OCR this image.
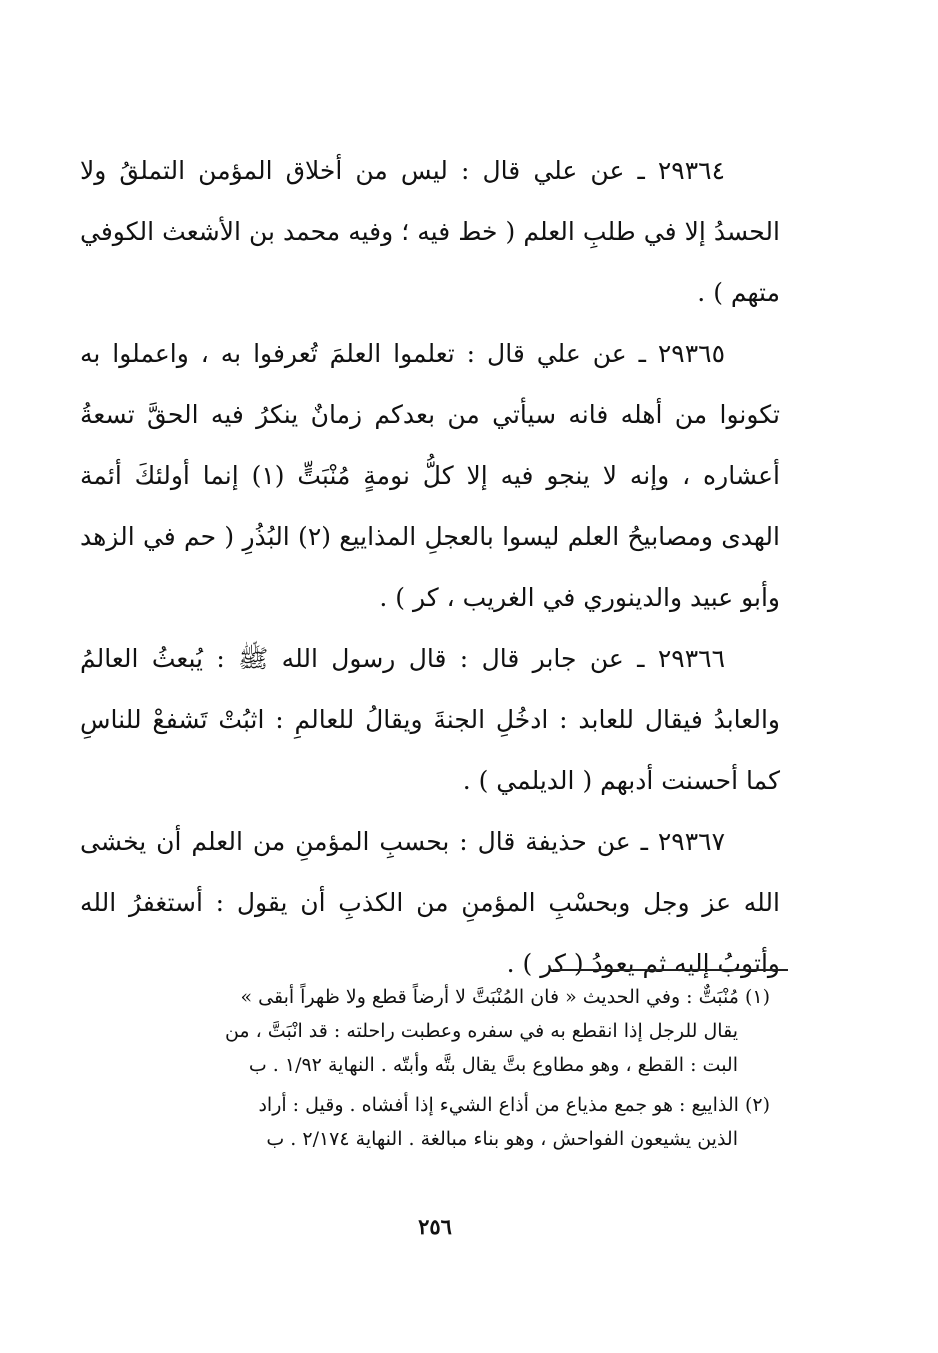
٢٩٣٦٤ ـ عن علي قال : ليس من أخلاق المؤمن التملقُ ولا الحسدُ إلا في طلبِ العلم ( خط فيه ؛ وفيه محمد بن الأشعث الكوفي متهم ) .

٢٩٣٦٥ ـ عن علي قال : تعلموا العلمَ تُعرفوا به ، واعملوا به تكونوا من أهله فانه سيأتي من بعدكم زمانٌ ينكرُ فيه الحقَّ تسعةُ أعشاره ، وإنه لا ينجو فيه إلا كلُّ نومةٍ مُنْبَتٍّ (١) إنما أولئكَ أئمة الهدى ومصابيحُ العلم ليسوا بالعجلِ المذاييع (٢) البُذُرِ ( حم في الزهد وأبو عبيد والدينوري في الغريب ، كر ) .

٢٩٣٦٦ ـ عن جابر قال : قال رسول الله ﷺ : يُبعثُ العالمُ والعابدُ فيقال للعابد : ادخُلِ الجنةَ ويقالُ للعالمِ : اثبُتْ تَشفعْ للناسِ كما أحسنت أدبهم ( الديلمي ) .

٢٩٣٦٧ ـ عن حذيفة قال : بحسبِ المؤمنِ من العلم أن يخشى الله عز وجل وبحسْبِ المؤمنِ من الكذبِ أن يقول : أستغفرُ الله وأتوبُ إليه ثم يعودُ ( كر ) .

(١)مُنْبَتٌّ : وفي الحديث « فان المُنْبَتَّ لا أرضاً قطع ولا ظهراً أبقى »
يقال للرجل إذا انقطع به في سفره وعطبت راحلته : قد انْبَتَّ ، من
البت : القطع ، وهو مطاوع بتَّ يقال بتَّه وأبتّه . النهاية ١/٩٢ . ب
(٢)الذاييع : هو جمع مذياع من أذاع الشيء إذا أفشاه . وقيل : أراد
الذين يشيعون الفواحش ، وهو بناء مبالغة . النهاية ٢/١٧٤ . ب
٢٥٦
